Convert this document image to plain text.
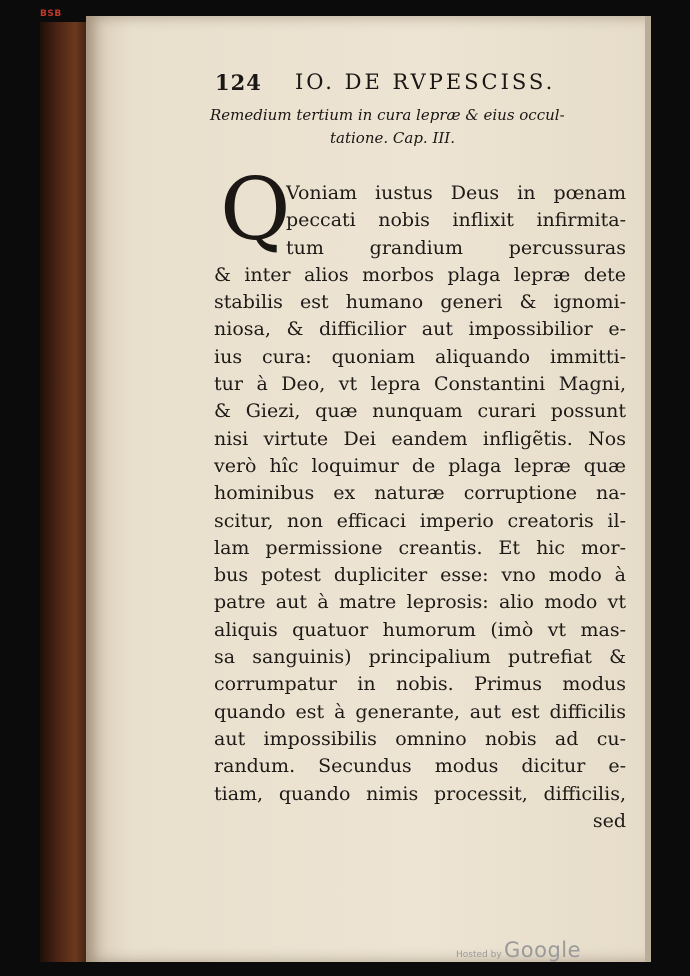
BSB
124 IO. DE RVPESCISS.
Remedium tertium in cura lepræ & eius occul-
tatione. Cap. III.
Q
Voniam iustus Deus in pœnam
peccati nobis inflixit infirmita-
tum grandium percussuras
& inter alios morbos plaga lepræ dete
stabilis est humano generi & ignomi-
niosa, & difficilior aut impossibilior e-
ius cura: quoniam aliquando immitti-
tur à Deo, vt lepra Constantini Magni,
& Giezi, quæ nunquam curari possunt
nisi virtute Dei eandem infligẽtis. Nos
verò hîc loquimur de plaga lepræ quæ
hominibus ex naturæ corruptione na-
scitur, non efficaci imperio creatoris il-
lam permissione creantis. Et hic mor-
bus potest dupliciter esse: vno modo à
patre aut à matre leprosis: alio modo vt
aliquis quatuor humorum (imò vt mas-
sa sanguinis) principalium putrefiat &
corrumpatur in nobis. Primus modus
quando est à generante, aut est difficilis
aut impossibilis omnino nobis ad cu-
randum. Secundus modus dicitur e-
tiam, quando nimis processit, difficilis,
sed
Hosted by Google
